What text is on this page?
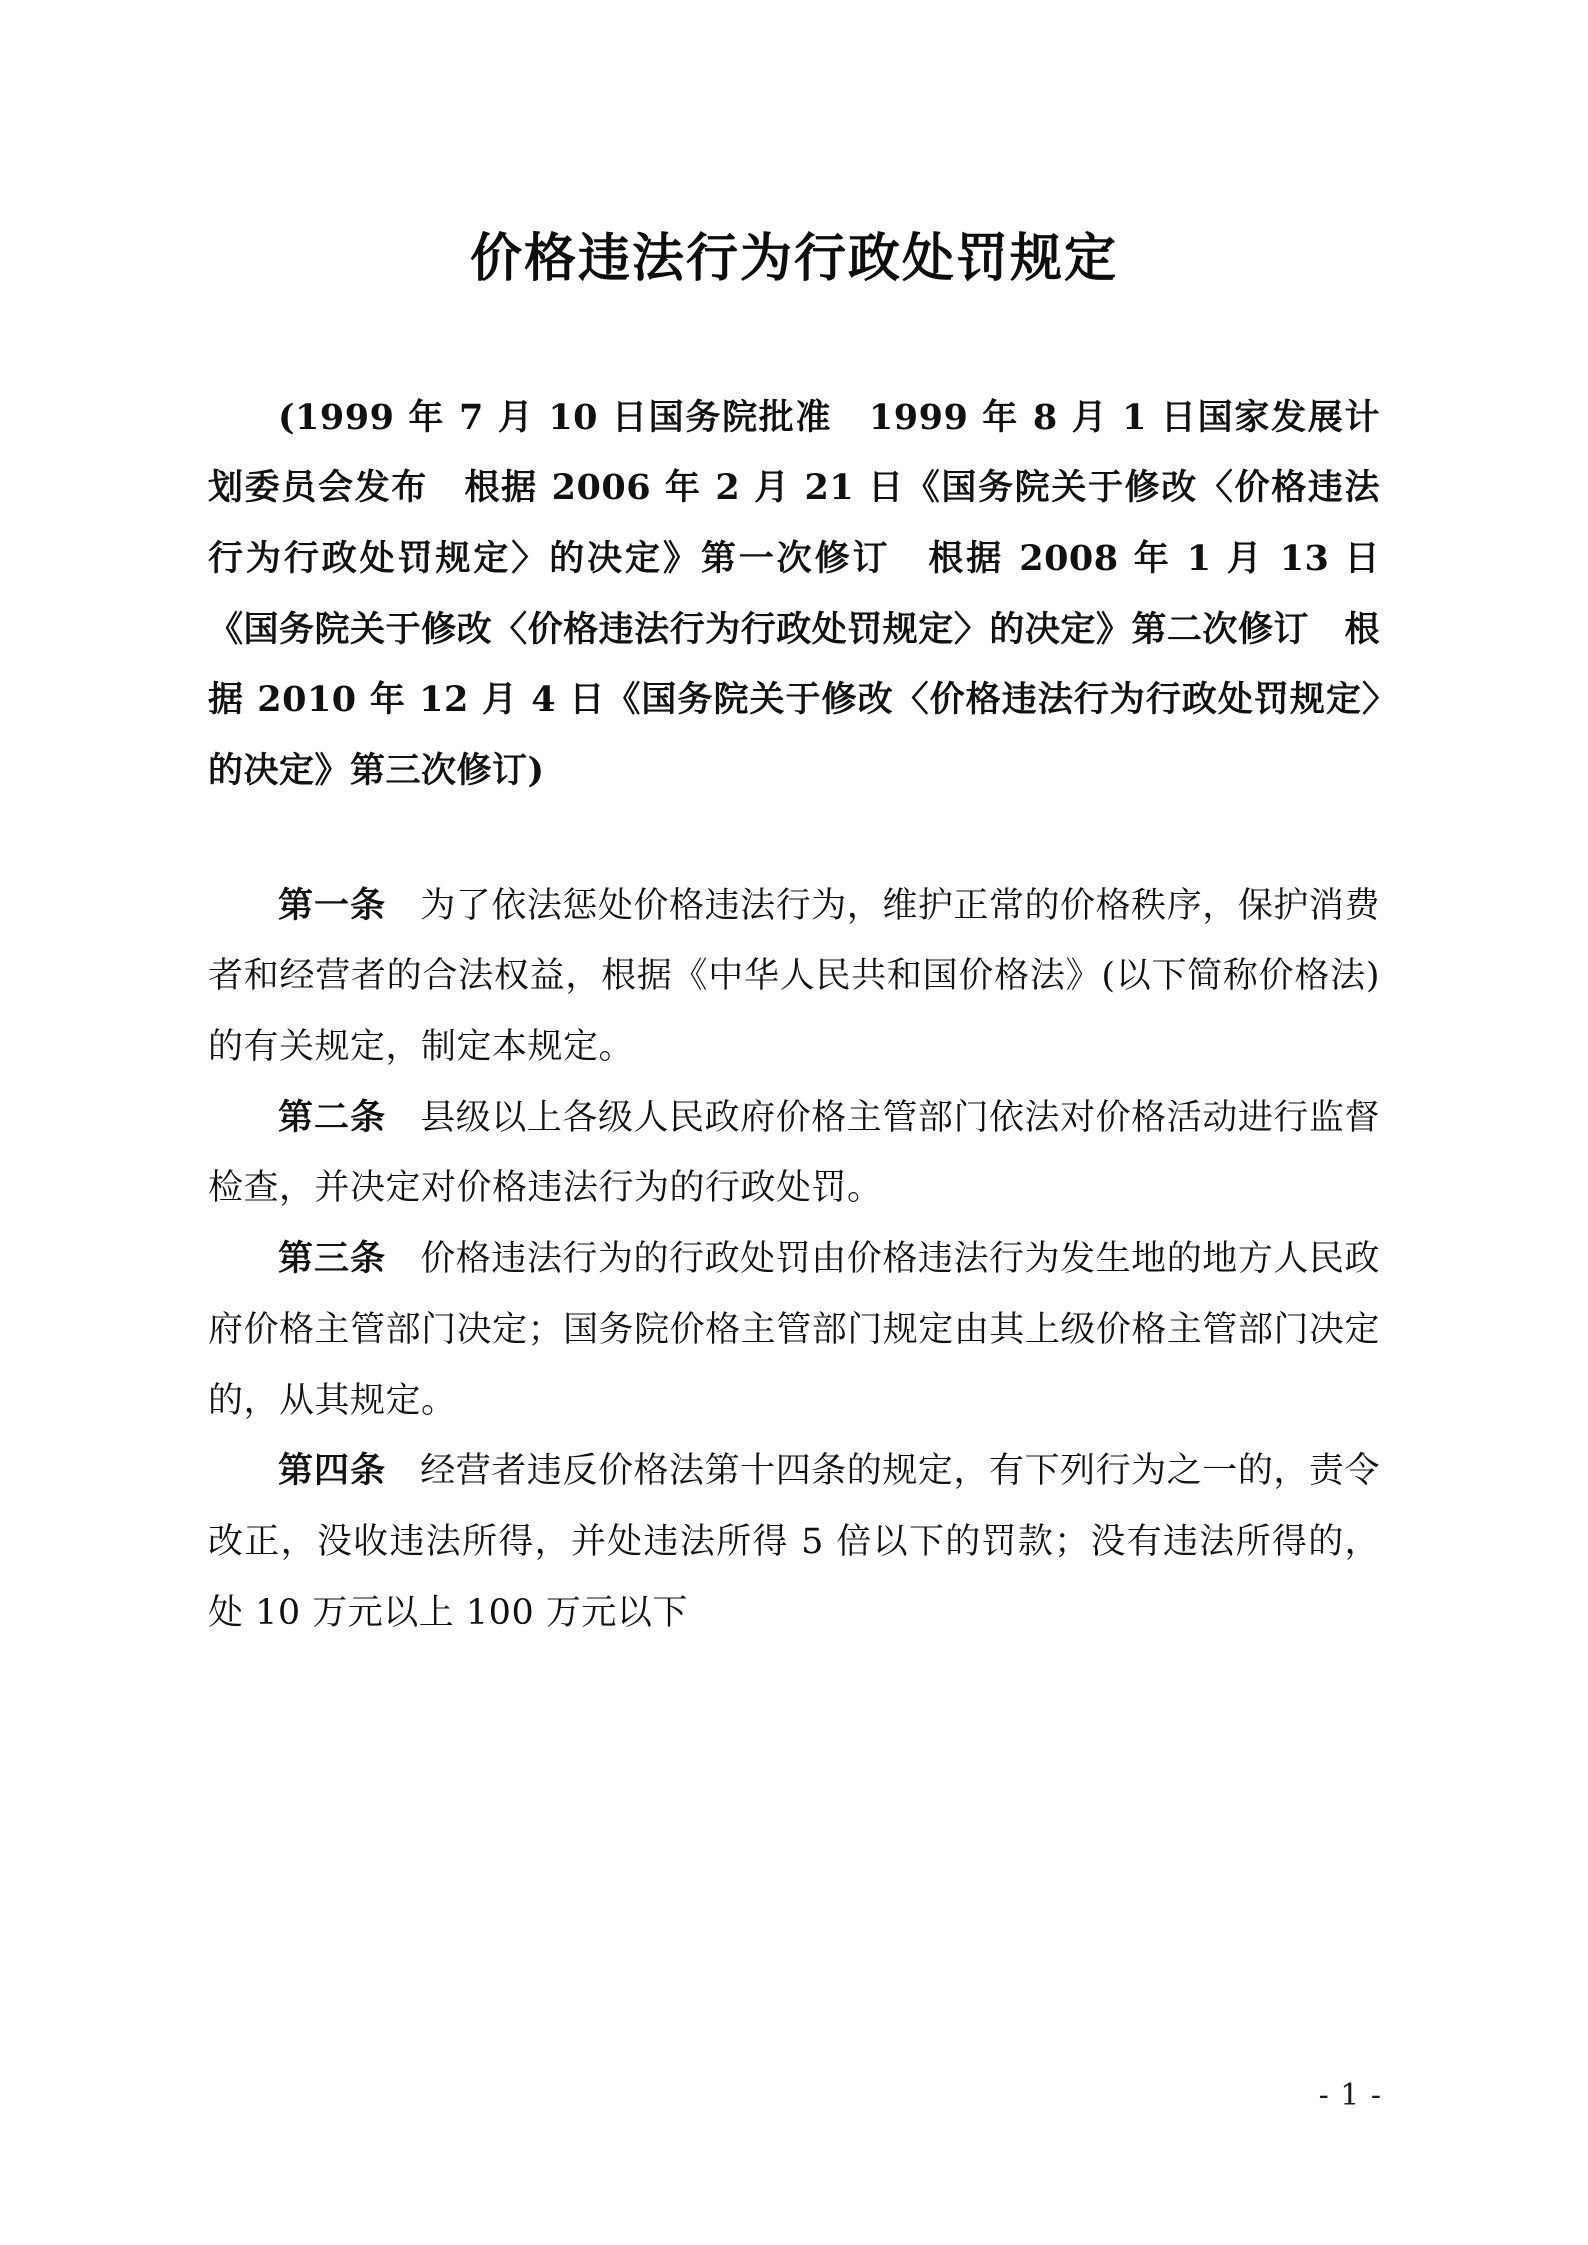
价格违法行为行政处罚规定

(1999 年 7 月 10 日国务院批准　1999 年 8 月 1 日国家发展计划委员会发布　根据 2006 年 2 月 21 日《国务院关于修改〈价格违法行为行政处罚规定〉的决定》第一次修订　根据 2008 年 1 月 13 日《国务院关于修改〈价格违法行为行政处罚规定〉的决定》第二次修订　根据 2010 年 12 月 4 日《国务院关于修改〈价格违法行为行政处罚规定〉的决定》第三次修订)

第一条 为了依法惩处价格违法行为，维护正常的价格秩序，保护消费者和经营者的合法权益，根据《中华人民共和国价格法》(以下简称价格法)的有关规定，制定本规定。

第二条 县级以上各级人民政府价格主管部门依法对价格活动进行监督检查，并决定对价格违法行为的行政处罚。

第三条 价格违法行为的行政处罚由价格违法行为发生地的地方人民政府价格主管部门决定；国务院价格主管部门规定由其上级价格主管部门决定的，从其规定。

第四条 经营者违反价格法第十四条的规定，有下列行为之一的，责令改正，没收违法所得，并处违法所得 5 倍以下的罚款；没有违法所得的，处 10 万元以上 100 万元以下

- 1 -
